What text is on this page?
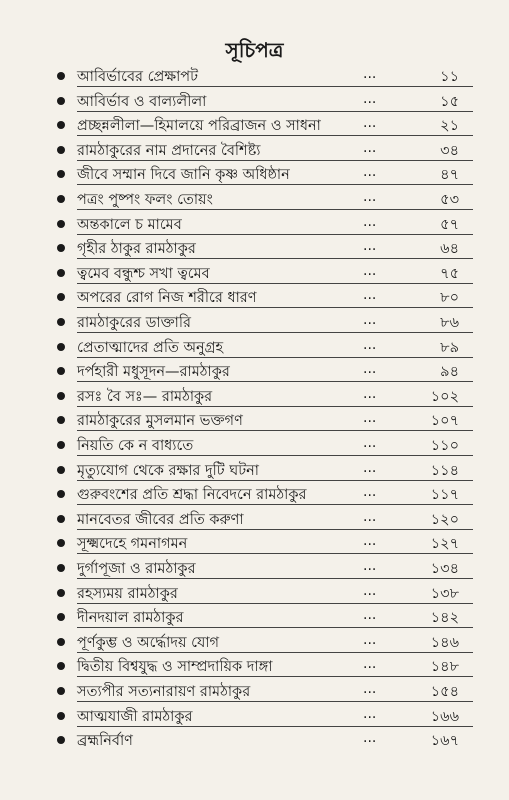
সূচিপত্র
আবির্ভাবের প্রেক্ষাপট	...	১১
আবির্ভাব ও বাল্যলীলা	...	১৫
প্রচ্ছন্নলীলা—হিমালয়ে পরিব্রাজন ও সাধনা	...	২১
রামঠাকুরের নাম প্রদানের বৈশিষ্ট্য	...	৩৪
জীবে সম্মান দিবে জানি কৃষ্ণ অধিষ্ঠান	...	৪৭
পত্রং পুষ্পং ফলং তোয়ং	...	৫৩
অন্তকালে চ মামেব	...	৫৭
গৃহীর ঠাকুর রামঠাকুর	...	৬৪
ত্বমেব বন্ধুশ্চ সখা ত্বমেব	...	৭৫
অপরের রোগ নিজ শরীরে ধারণ	...	৮০
রামঠাকুরের ডাক্তারি	...	৮৬
প্রেতাত্মাদের প্রতি অনুগ্রহ	...	৮৯
দর্পহারী মধুসূদন—রামঠাকুর	...	৯৪
রসঃ বৈ সঃ— রামঠাকুর	...	১০২
রামঠাকুরের মুসলমান ভক্তগণ	...	১০৭
নিয়তি কে ন বাধ্যতে	...	১১০
মৃত্যুযোগ থেকে রক্ষার দুটি ঘটনা	...	১১৪
গুরুবংশের প্রতি শ্রদ্ধা নিবেদনে রামঠাকুর	...	১১৭
মানবেতর জীবের প্রতি করুণা	...	১২০
সূক্ষ্মদেহে গমনাগমন	...	১২৭
দুর্গাপূজা ও রামঠাকুর	...	১৩৪
রহস্যময় রামঠাকুর	...	১৩৮
দীনদয়াল রামঠাকুর	...	১৪২
পূর্ণকুম্ভ ও অর্দ্ধোদয় যোগ	...	১৪৬
দ্বিতীয় বিশ্বযুদ্ধ ও সাম্প্রদায়িক দাঙ্গা	...	১৪৮
সত্যপীর সত্যনারায়ণ রামঠাকুর	...	১৫৪
আত্মযাজী রামঠাকুর	...	১৬৬
ব্রহ্মনির্বাণ	...	১৬৭
